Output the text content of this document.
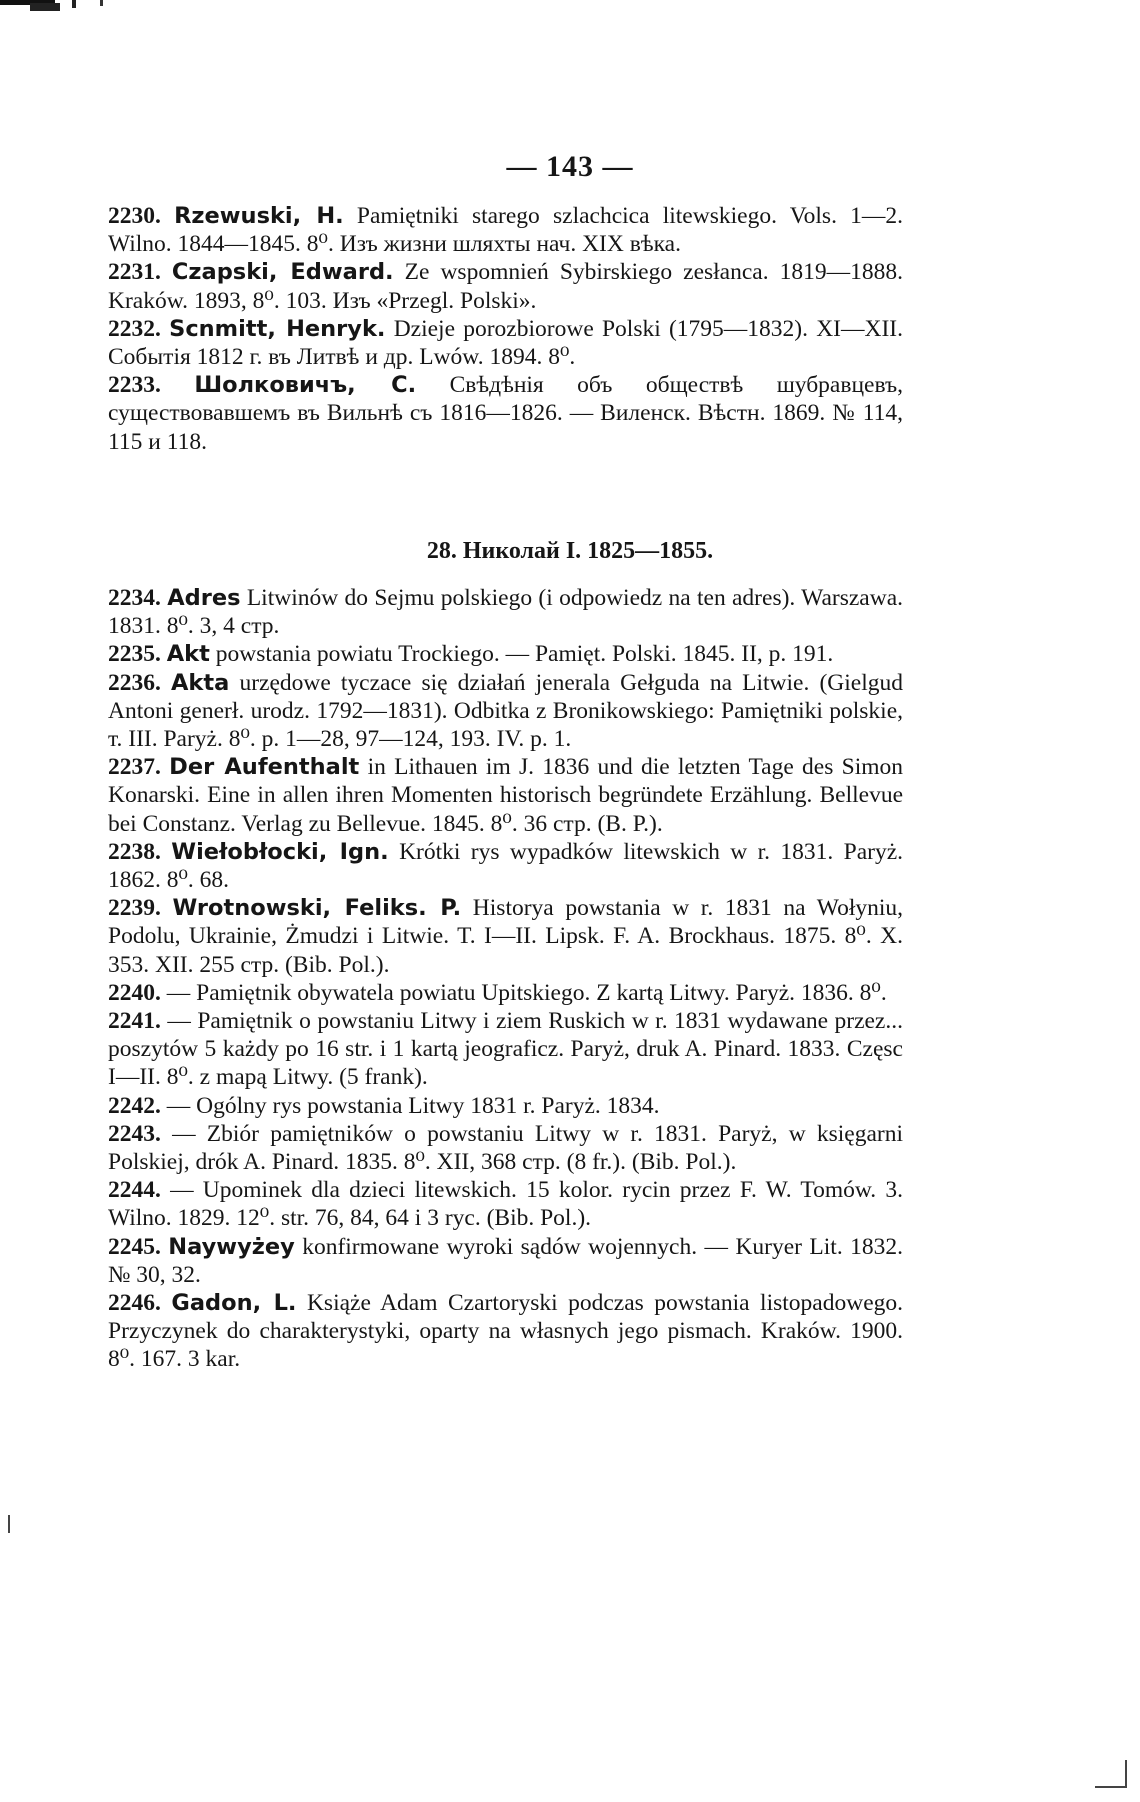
— 143 —

2230. Rzewuski, H. Pamiętniki starego szlachcica litewskiego. Vols. 1—2. Wilno. 1844—1845. 8⁰. Изъ жизни шляхты нач. XIX вѣка.

2231. Czapski, Edward. Ze wspomnień Sybirskiego zesłanca. 1819—1888. Kraków. 1893, 8⁰. 103. Изъ «Przegl. Polski».

2232. Scnmitt, Henryk. Dzieje porozbiorowe Polski (1795—1832). XI—XII. Событія 1812 г. въ Литвѣ и др. Lwów. 1894. 8⁰.

2233. Шолковичъ, С. Свѣдѣнія объ обществѣ шубравцевъ, существовавшемъ въ Вильнѣ съ 1816—1826. — Виленск. Вѣстн. 1869. № 114, 115 и 118.

28. Николай I. 1825—1855.

2234. Adres Litwinów do Sejmu polskiego (i odpowiedz na ten adres). Warszawa. 1831. 8⁰. 3, 4 стр.

2235. Akt powstania powiatu Trockiego. — Pamięt. Polski. 1845. II, p. 191.

2236. Akta urzędowe tyczace się działań jenerala Gełguda na Litwie. (Gielgud Antoni generł. urodz. 1792—1831). Odbitka z Bronikowskiego: Pamiętniki polskie, т. III. Paryż. 8⁰. p. 1—28, 97—124, 193. IV. p. 1.

2237. Der Aufenthalt in Lithauen im J. 1836 und die letzten Tage des Simon Konarski. Eine in allen ihren Momenten historisch begründete Erzählung. Bellevue bei Constanz. Verlag zu Bellevue. 1845. 8⁰. 36 стр. (B. P.).

2238. Wiełobłocki, Ign. Krótki rys wypadków litewskich w r. 1831. Paryż. 1862. 8⁰. 68.

2239. Wrotnowski, Feliks. P. Historya powstania w r. 1831 na Wołyniu, Podolu, Ukrainie, Żmudzi i Litwie. T. I—II. Lipsk. F. A. Brockhaus. 1875. 8⁰. X. 353. XII. 255 стр. (Bib. Pol.).

2240. — Pamiętnik obywatela powiatu Upitskiego. Z kartą Litwy. Paryż. 1836. 8⁰.

2241. — Pamiętnik o powstaniu Litwy i ziem Ruskich w r. 1831 wydawane przez... poszytów 5 każdy po 16 str. i 1 kartą jeograficz. Paryż, druk A. Pinard. 1833. Częsc I—II. 8⁰. z mapą Litwy. (5 frank).

2242. — Ogólny rys powstania Litwy 1831 r. Paryż. 1834.

2243. — Zbiór pamiętników o powstaniu Litwy w r. 1831. Paryż, w księgarni Polskiej, drók A. Pinard. 1835. 8⁰. XII, 368 стр. (8 fr.). (Bib. Pol.).

2244. — Upominek dla dzieci litewskich. 15 kolor. rycin przez F. W. Tomów. 3. Wilno. 1829. 12⁰. str. 76, 84, 64 i 3 ryc. (Bib. Pol.).

2245. Naywyżey konfirmowane wyroki sądów wojennych. — Kuryer Lit. 1832. № 30, 32.

2246. Gadon, L. Książe Adam Czartoryski podczas powstania listopadowego. Przyczynek do charakterystyki, oparty na własnych jego pismach. Kraków. 1900. 8⁰. 167. 3 kar.
